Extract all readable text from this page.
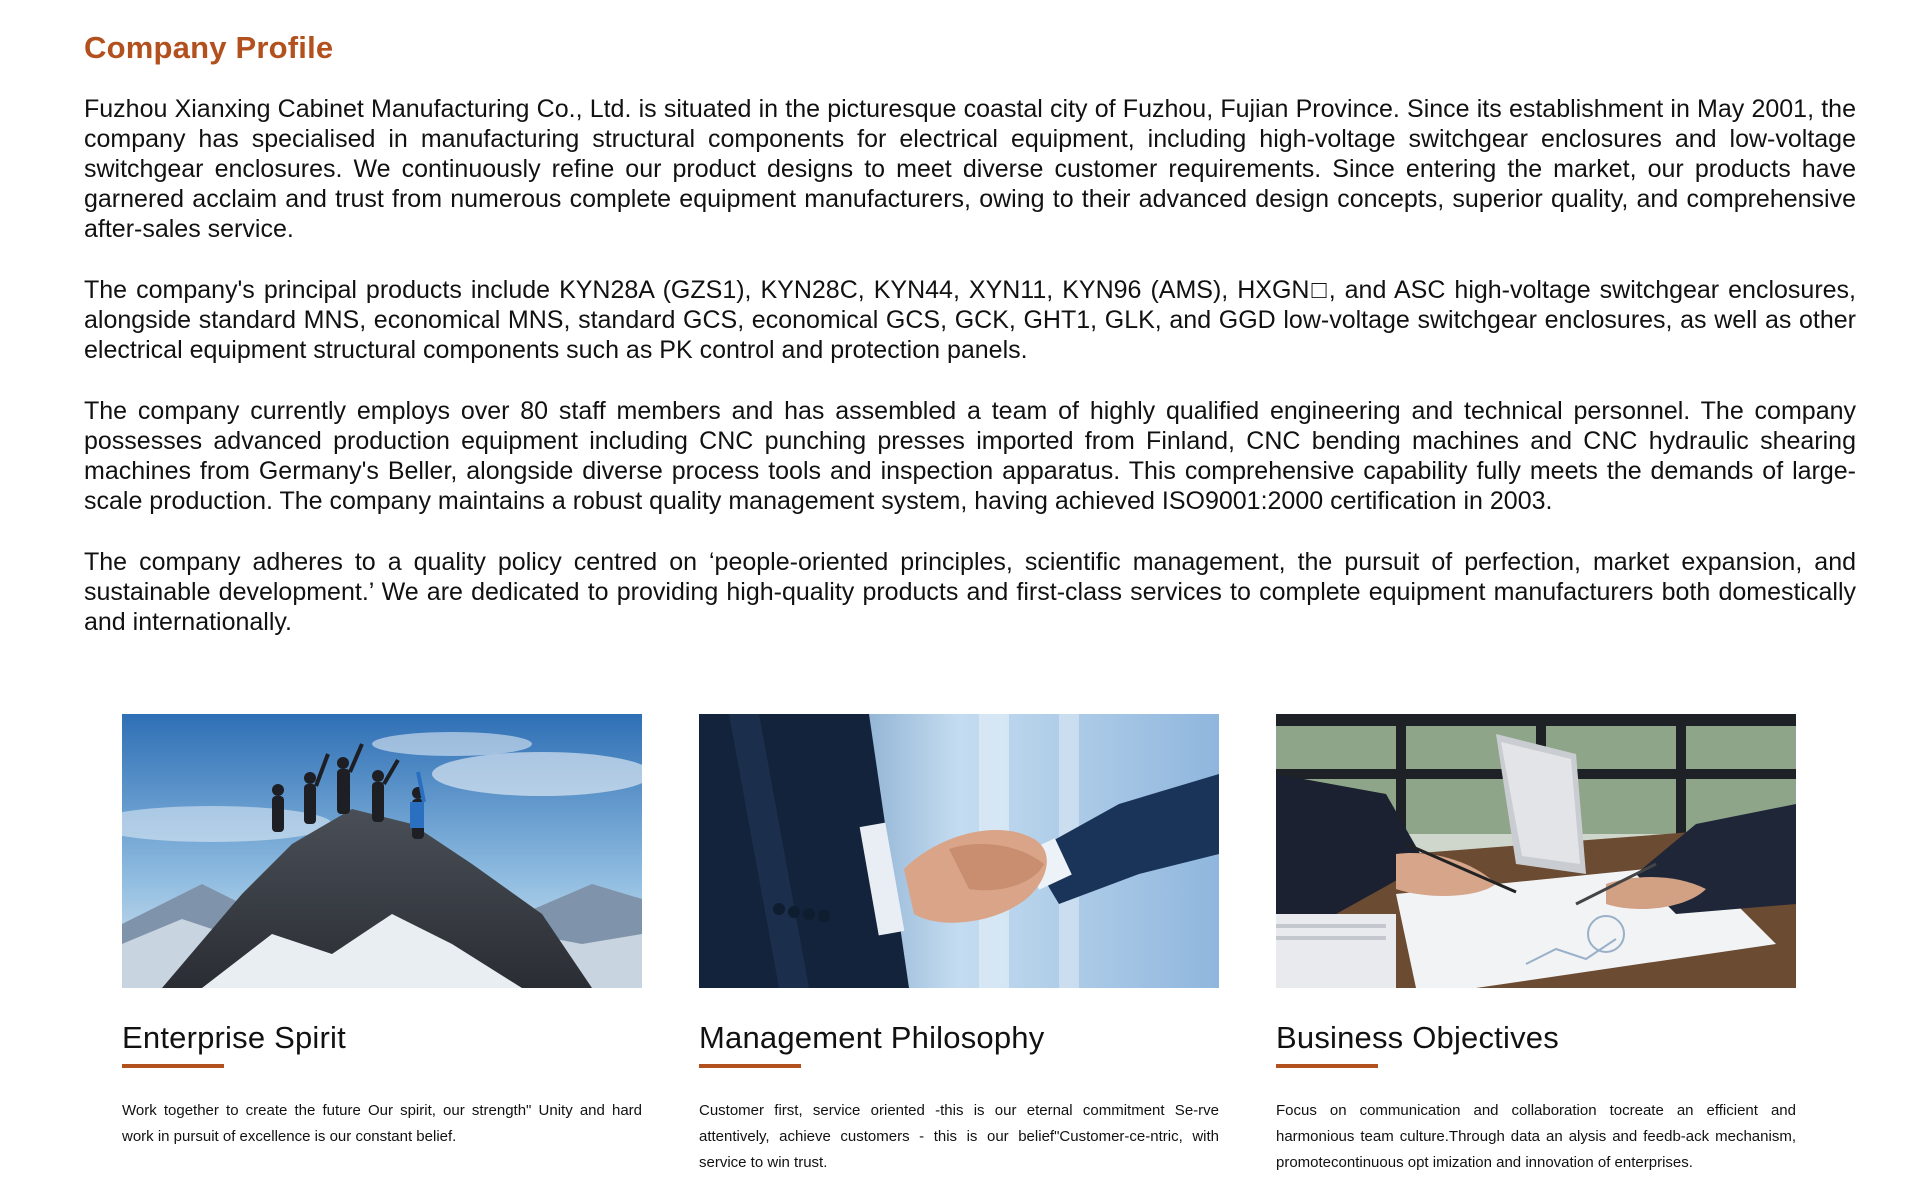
Company Profile

Fuzhou Xianxing Cabinet Manufacturing Co., Ltd. is situated in the picturesque coastal city of Fuzhou, Fujian Province. Since its establishment in May 2001, the company has specialised in manufacturing structural components for electrical equipment, including high-voltage switchgear enclosures and low-voltage switchgear enclosures. We continuously refine our product designs to meet diverse customer requirements. Since entering the market, our products have garnered acclaim and trust from numerous complete equipment manufacturers, owing to their advanced design concepts, superior quality, and comprehensive after-sales service.

The company's principal products include KYN28A (GZS1), KYN28C, KYN44, XYN11, KYN96 (AMS), HXGN□, and ASC high-voltage switchgear enclosures, alongside standard MNS, economical MNS, standard GCS, economical GCS, GCK, GHT1, GLK, and GGD low-voltage switchgear enclosures, as well as other electrical equipment structural components such as PK control and protection panels.

The company currently employs over 80 staff members and has assembled a team of highly qualified engineering and technical personnel. The company possesses advanced production equipment including CNC punching presses imported from Finland, CNC bending machines and CNC hydraulic shearing machines from Germany's Beller, alongside diverse process tools and inspection apparatus. This comprehensive capability fully meets the demands of large-scale production. The company maintains a robust quality management system, having achieved ISO9001:2000 certification in 2003.

The company adheres to a quality policy centred on ‘people-oriented principles, scientific management, the pursuit of perfection, market expansion, and sustainable development.’ We are dedicated to providing high-quality products and first-class services to complete equipment manufacturers both domestically and internationally.

Enterprise Spirit
Work together to create the future Our spirit, our strength" Unity and hard work in pursuit of excellence is our constant belief.
Management Philosophy
Customer first, service oriented -this is our eternal commitment Se-rve attentively, achieve customers - this is our belief"Customer-ce-ntric, with service to win trust.
Business Objectives
Focus on communication and collaboration tocreate an efficient and harmonious team culture.Through data an alysis and feedb-ack mechanism, promotecontinuous opt imization and innovation of enterprises.
